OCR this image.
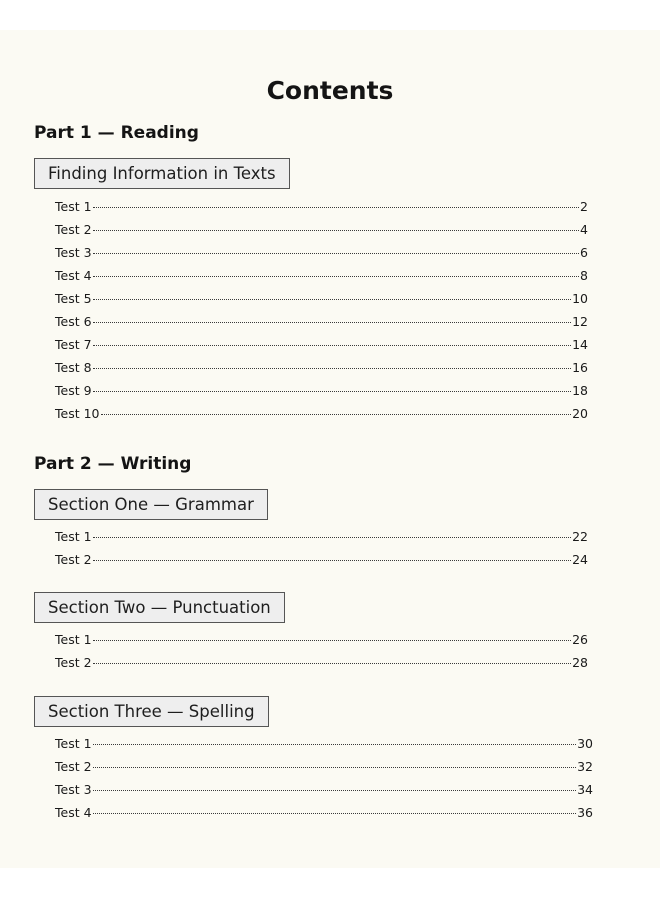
Contents
Part 1 — Reading
Finding Information in Texts
Test 1	2
Test 2	4
Test 3	6
Test 4	8
Test 5	10
Test 6	12
Test 7	14
Test 8	16
Test 9	18
Test 10	20
Part 2 — Writing
Section One — Grammar
Test 1	22
Test 2	24
Section Two — Punctuation
Test 1	26
Test 2	28
Section Three — Spelling
Test 1	30
Test 2	32
Test 3	34
Test 4	36
